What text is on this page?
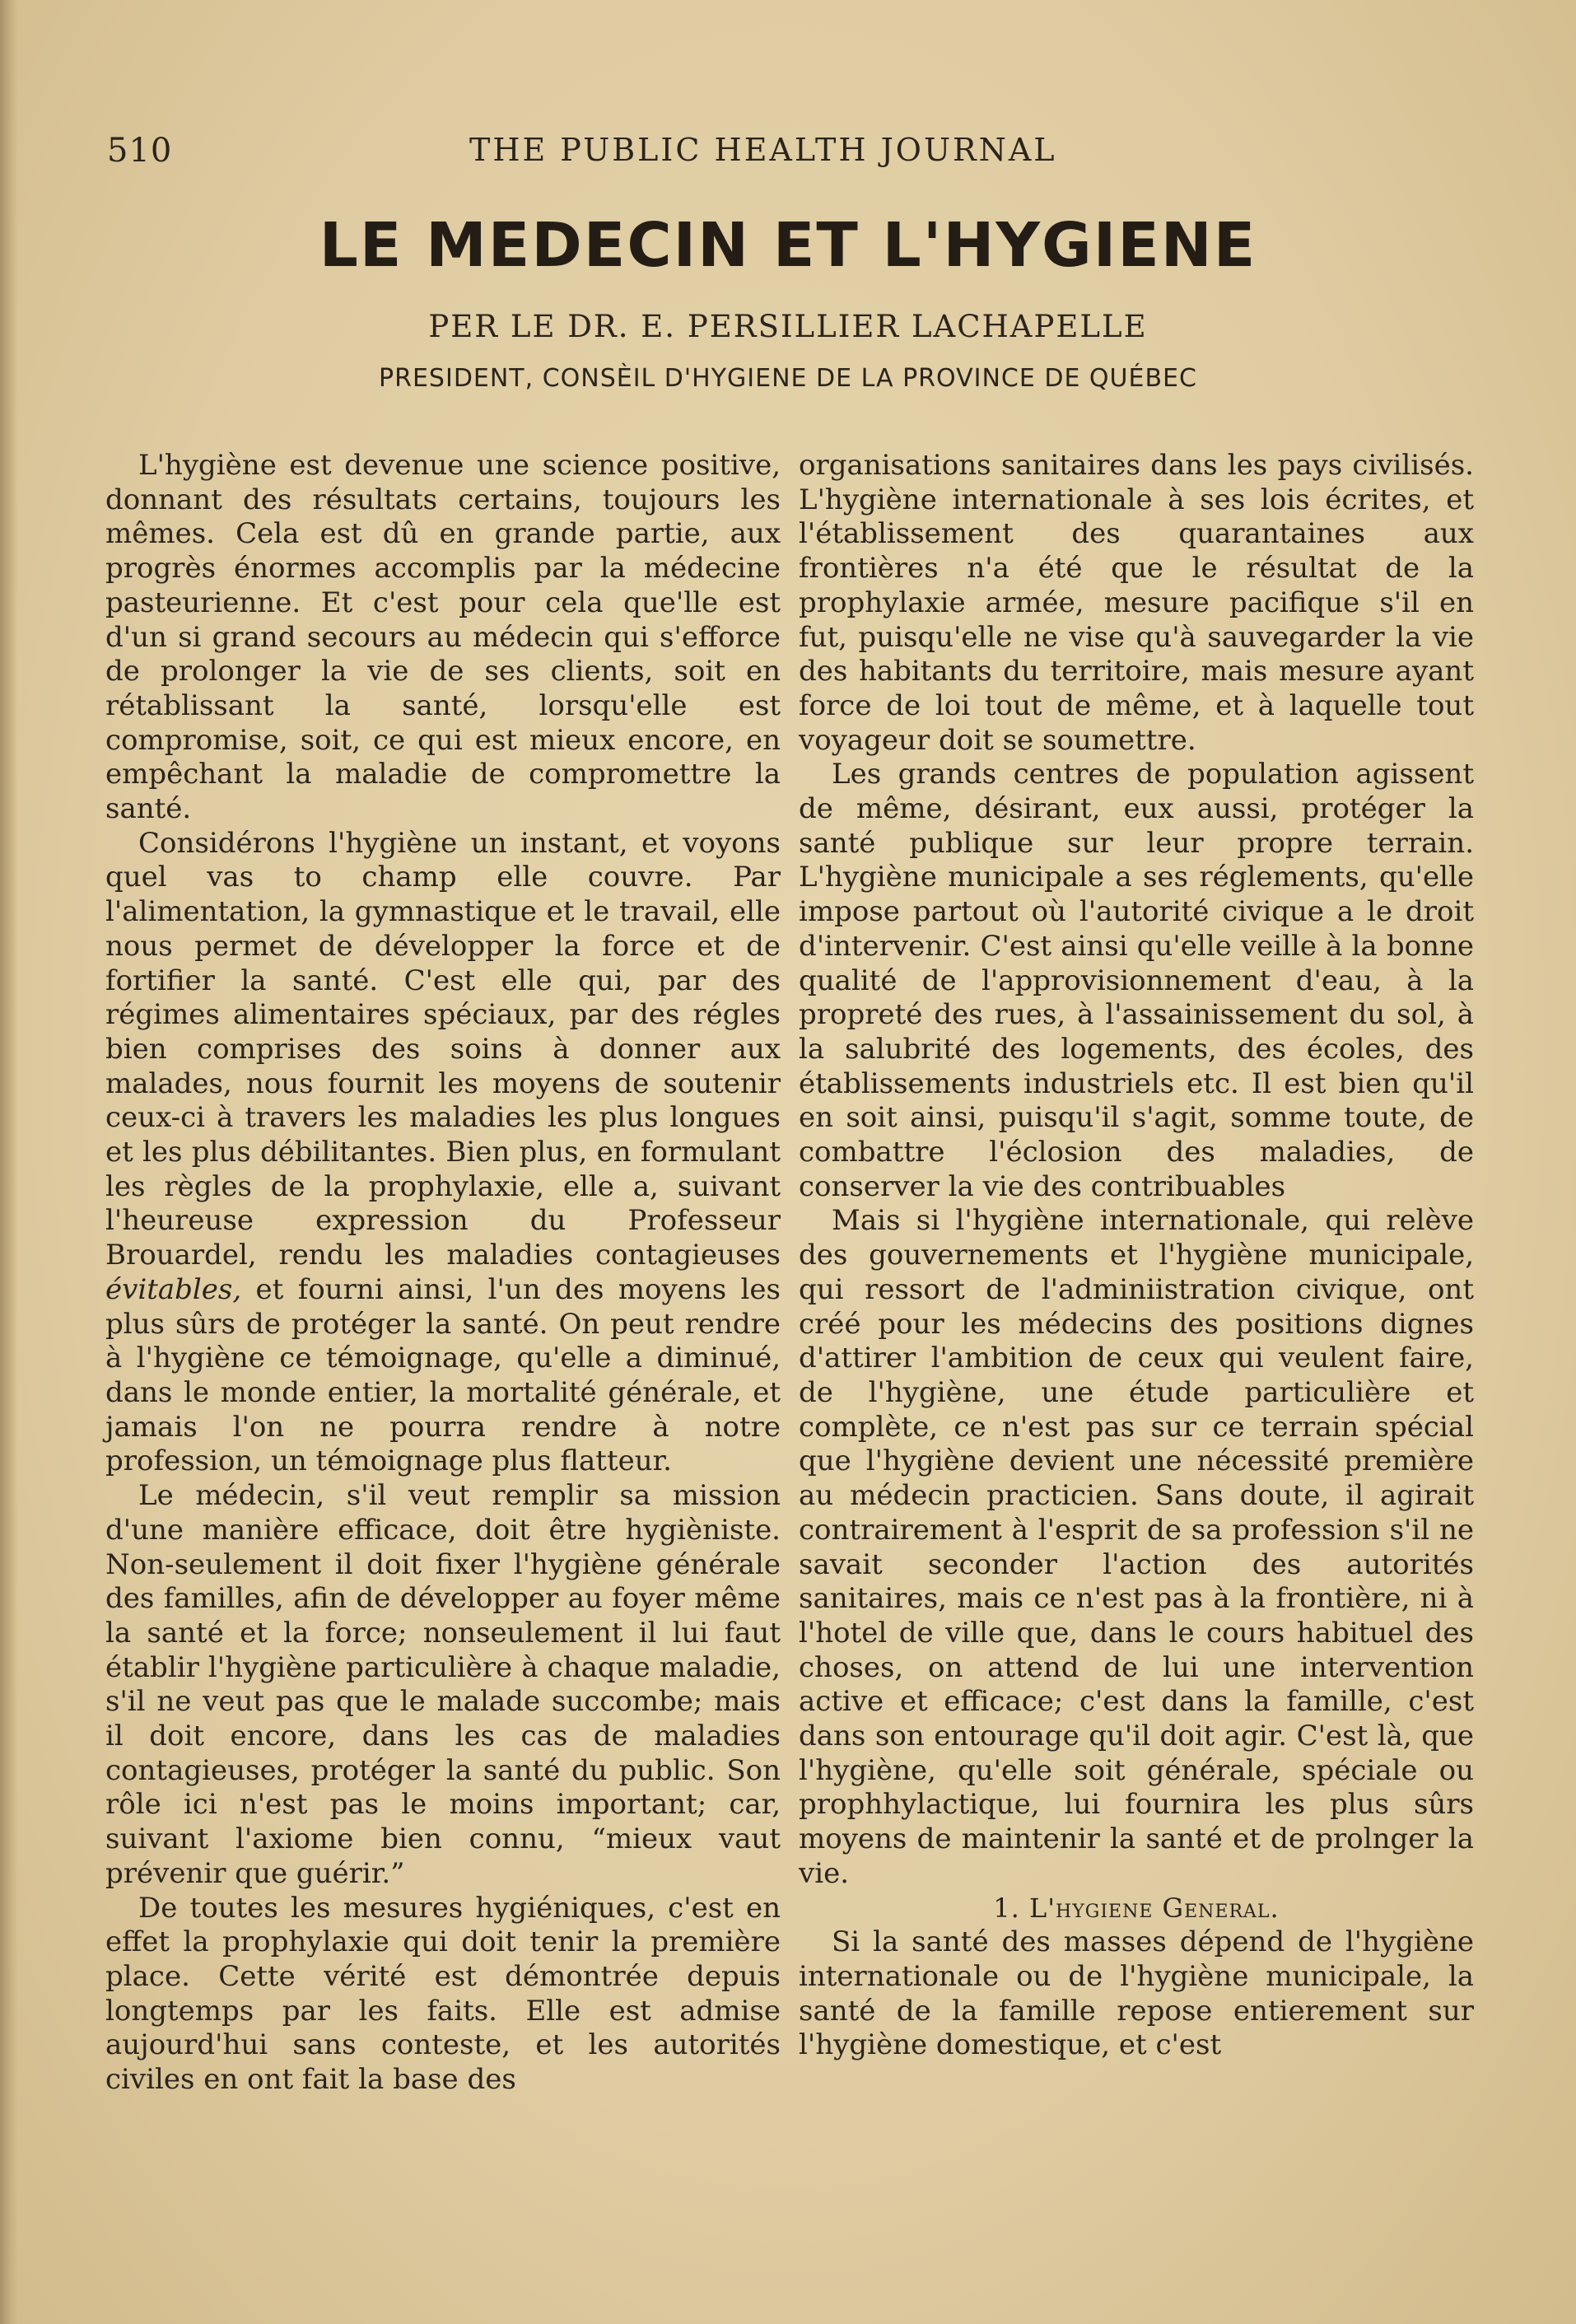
510	THE PUBLIC HEALTH JOURNAL
LE MEDECIN ET L'HYGIENE
PER LE DR. E. PERSILLIER LACHAPELLE
PRESIDENT, CONSÈIL D'HYGIENE DE LA PROVINCE DE QUÉBEC

L'hygiène est devenue une science positive, donnant des résultats certains, toujours les mêmes. Cela est dû en grande partie, aux progrès énormes accomplis par la médecine pasteurienne. Et c'est pour cela que'lle est d'un si grand secours au médecin qui s'efforce de prolonger la vie de ses clients, soit en rétablissant la santé, lorsqu'elle est compromise, soit, ce qui est mieux encore, en empêchant la maladie de compromettre la santé.

Considérons l'hygiène un instant, et voyons quel vas to champ elle couvre. Par l'alimentation, la gymnastique et le travail, elle nous permet de développer la force et de fortifier la santé. C'est elle qui, par des régimes alimentaires spéciaux, par des régles bien comprises des soins à donner aux malades, nous fournit les moyens de soutenir ceux-ci à travers les maladies les plus longues et les plus débilitantes. Bien plus, en formulant les règles de la prophylaxie, elle a, suivant l'heureuse expression du Professeur Brouardel, rendu les maladies contagieuses évitables, et fourni ainsi, l'un des moyens les plus sûrs de protéger la santé. On peut rendre à l'hygiène ce témoignage, qu'elle a diminué, dans le monde entier, la mortalité générale, et jamais l'on ne pourra rendre à notre profession, un témoignage plus flatteur.

Le médecin, s'il veut remplir sa mission d'une manière efficace, doit être hygièniste. Non-seulement il doit fixer l'hygiène générale des familles, afin de développer au foyer même la santé et la force; nonseulement il lui faut établir l'hygiène particulière à chaque maladie, s'il ne veut pas que le malade succombe; mais il doit encore, dans les cas de maladies contagieuses, protéger la santé du public. Son rôle ici n'est pas le moins important; car, suivant l'axiome bien connu, “mieux vaut prévenir que guérir.”

De toutes les mesures hygiéniques, c'est en effet la prophylaxie qui doit tenir la première place. Cette vérité est démontrée depuis longtemps par les faits. Elle est admise aujourd'hui sans conteste, et les autorités civiles en ont fait la base des

organisations sanitaires dans les pays civilisés. L'hygiène internationale à ses lois écrites, et l'établissement des quarantaines aux frontières n'a été que le résultat de la prophylaxie armée, mesure pacifique s'il en fut, puisqu'elle ne vise qu'à sauvegarder la vie des habitants du territoire, mais mesure ayant force de loi tout de même, et à laquelle tout voyageur doit se soumettre.

Les grands centres de population agissent de même, désirant, eux aussi, protéger la santé publique sur leur propre terrain. L'hygiène municipale a ses réglements, qu'elle impose partout où l'autorité civique a le droit d'intervenir. C'est ainsi qu'elle veille à la bonne qualité de l'approvisionnement d'eau, à la propreté des rues, à l'assainissement du sol, à la salubrité des logements, des écoles, des établissements industriels etc. Il est bien qu'il en soit ainsi, puisqu'il s'agit, somme toute, de combattre l'éclosion des maladies, de conserver la vie des contribuables

Mais si l'hygiène internationale, qui relève des gouvernements et l'hygiène municipale, qui ressort de l'adminiistration civique, ont créé pour les médecins des positions dignes d'attirer l'ambition de ceux qui veulent faire, de l'hygiène, une étude particulière et complète, ce n'est pas sur ce terrain spécial que l'hygiène devient une nécessité première au médecin practicien. Sans doute, il agirait contrairement à l'esprit de sa profession s'il ne savait seconder l'action des autorités sanitaires, mais ce n'est pas à la frontière, ni à l'hotel de ville que, dans le cours habituel des choses, on attend de lui une intervention active et efficace; c'est dans la famille, c'est dans son entourage qu'il doit agir. C'est là, que l'hygiène, qu'elle soit générale, spéciale ou prophhylactique, lui fournira les plus sûrs moyens de maintenir la santé et de prolnger la vie.

1. L'hygiene General.

Si la santé des masses dépend de l'hygiène internationale ou de l'hygiène municipale, la santé de la famille repose entierement sur l'hygiène domestique, et c'est
